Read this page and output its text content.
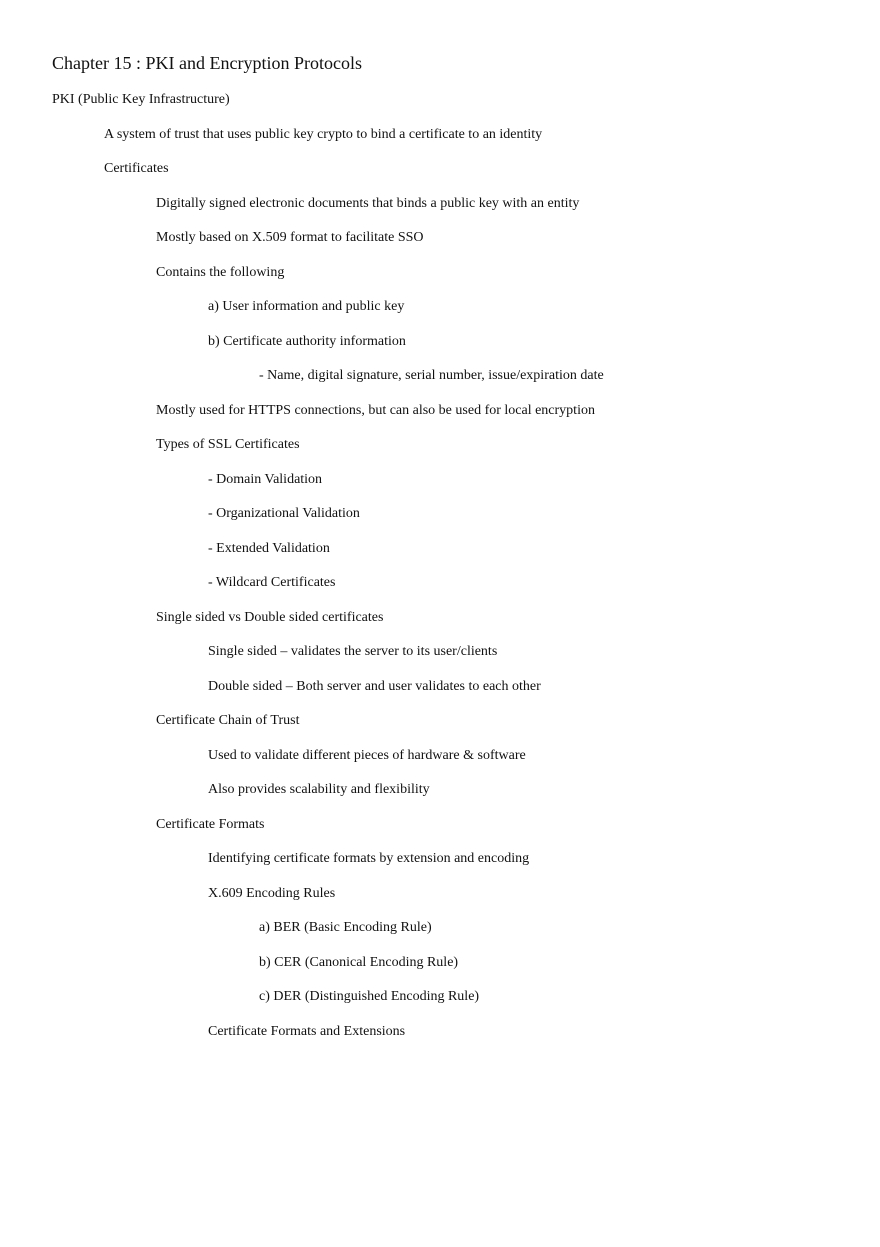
Chapter 15 : PKI and Encryption Protocols

PKI (Public Key Infrastructure)

A system of trust that uses public key crypto to bind a certificate to an identity

Certificates

Digitally signed electronic documents that binds a public key with an entity

Mostly based on X.509 format to facilitate SSO

Contains the following

a) User information and public key

b) Certificate authority information

- Name, digital signature, serial number, issue/expiration date

Mostly used for HTTPS connections, but can also be used for local encryption

Types of SSL Certificates

- Domain Validation

- Organizational Validation

- Extended Validation

- Wildcard Certificates

Single sided vs Double sided certificates

Single sided – validates the server to its user/clients

Double sided – Both server and user validates to each other

Certificate Chain of Trust

Used to validate different pieces of hardware & software

Also provides scalability and flexibility

Certificate Formats

Identifying certificate formats by extension and encoding

X.609 Encoding Rules

a) BER (Basic Encoding Rule)

b) CER (Canonical Encoding Rule)

c) DER (Distinguished Encoding Rule)

Certificate Formats and Extensions
